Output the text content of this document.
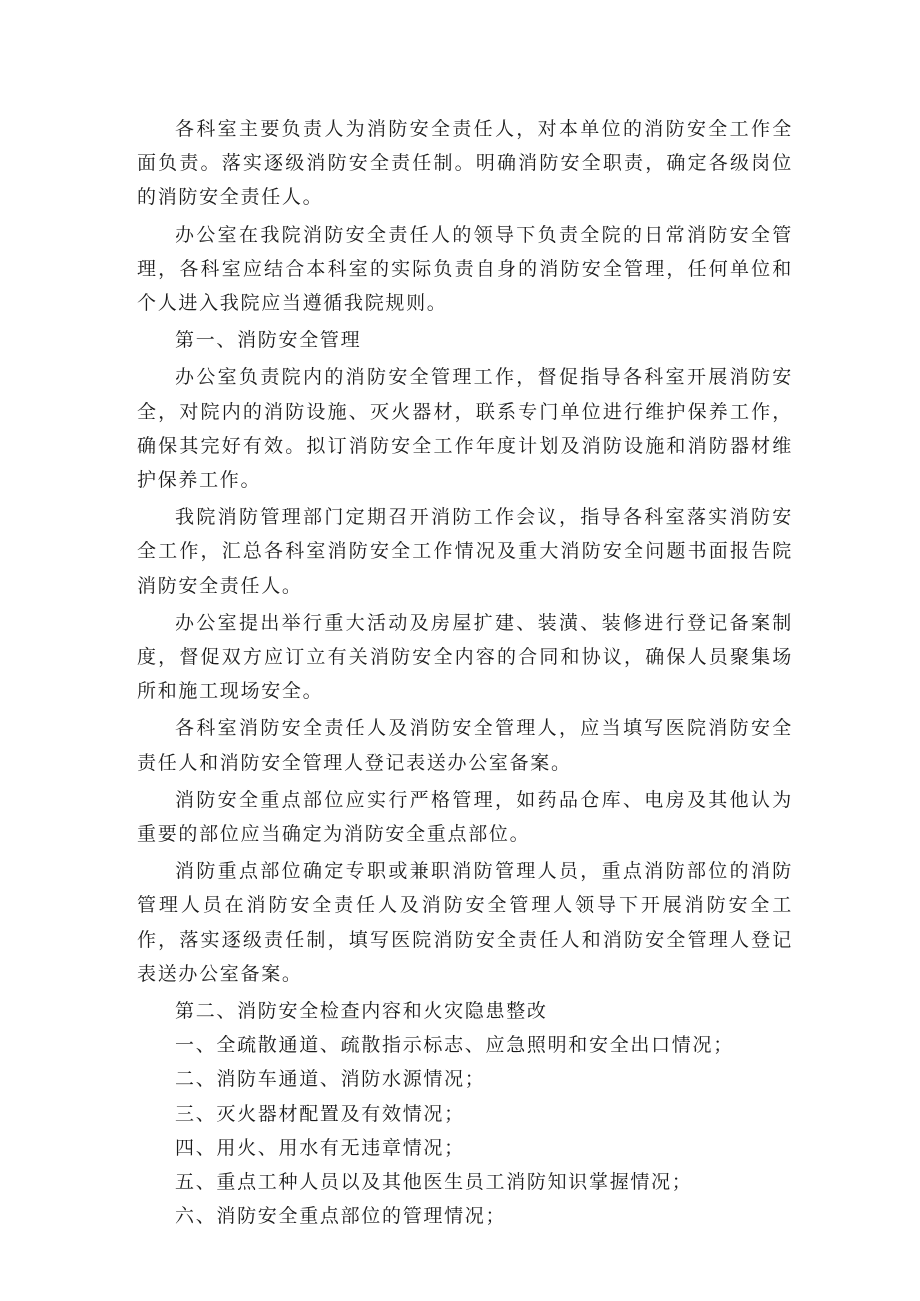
各科室主要负责人为消防安全责任人，对本单位的消防安全工作全面负责。落实逐级消防安全责任制。明确消防安全职责，确定各级岗位的消防安全责任人。

办公室在我院消防安全责任人的领导下负责全院的日常消防安全管理，各科室应结合本科室的实际负责自身的消防安全管理，任何单位和个人进入我院应当遵循我院规则。

第一、消防安全管理

办公室负责院内的消防安全管理工作，督促指导各科室开展消防安全，对院内的消防设施、灭火器材，联系专门单位进行维护保养工作，确保其完好有效。拟订消防安全工作年度计划及消防设施和消防器材维护保养工作。

我院消防管理部门定期召开消防工作会议，指导各科室落实消防安全工作，汇总各科室消防安全工作情况及重大消防安全问题书面报告院消防安全责任人。

办公室提出举行重大活动及房屋扩建、装潢、装修进行登记备案制度，督促双方应订立有关消防安全内容的合同和协议，确保人员聚集场所和施工现场安全。

各科室消防安全责任人及消防安全管理人，应当填写医院消防安全责任人和消防安全管理人登记表送办公室备案。

消防安全重点部位应实行严格管理，如药品仓库、电房及其他认为重要的部位应当确定为消防安全重点部位。

消防重点部位确定专职或兼职消防管理人员，重点消防部位的消防管理人员在消防安全责任人及消防安全管理人领导下开展消防安全工作，落实逐级责任制，填写医院消防安全责任人和消防安全管理人登记表送办公室备案。

第二、消防安全检查内容和火灾隐患整改

一、全疏散通道、疏散指示标志、应急照明和安全出口情况；

二、消防车通道、消防水源情况；

三、灭火器材配置及有效情况；

四、用火、用水有无违章情况；

五、重点工种人员以及其他医生员工消防知识掌握情况；

六、消防安全重点部位的管理情况；
